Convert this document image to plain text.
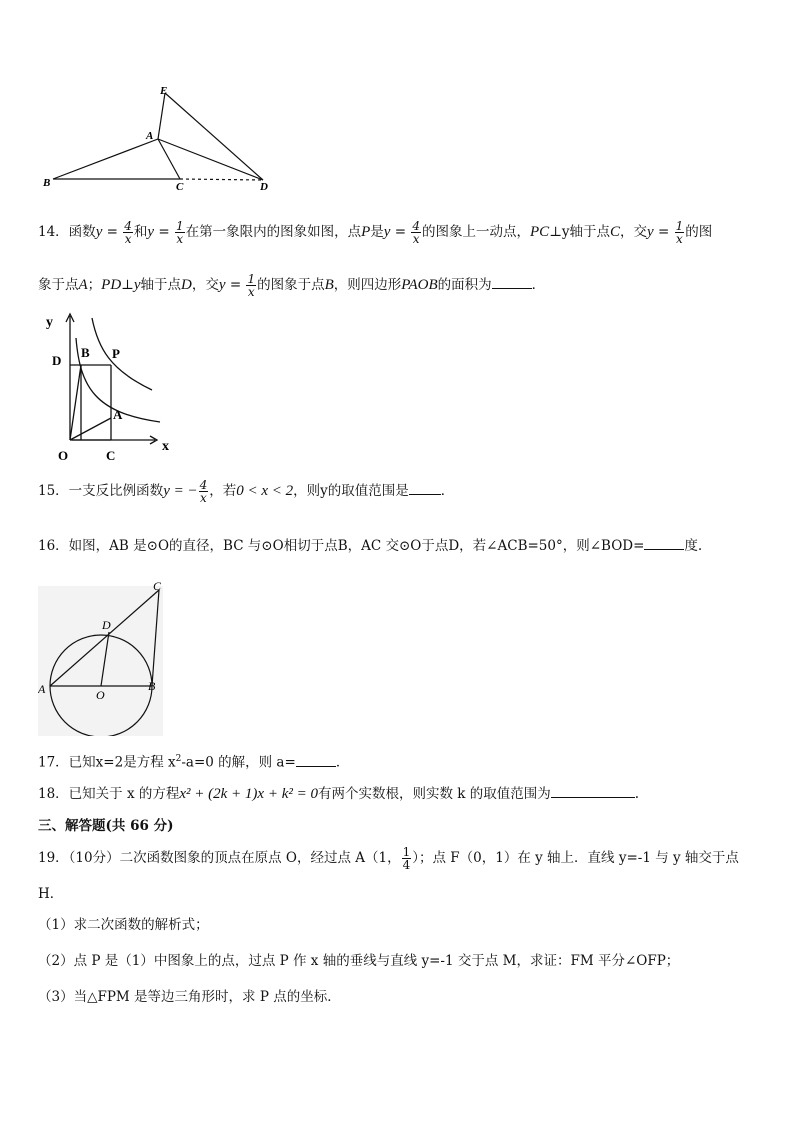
E
A
B	C	D
14．函数$y = \frac{4}{x}$ 和$y = \frac{1}{x}$ 在第一象限内的图象如图，点P是$y = \frac{4}{x}$ 的图象上一动点，PC⊥y轴于点C，交$y = \frac{1}{x}$ 的图
象于点A；PD⊥y轴于点D，交$y = \frac{1}{x}$ 的图象于点B，则四边形PAOB的面积为	．
y
x
D
B P
A
O	C
15．一支反比例函数y = − $\frac{4}{x}$ ，若0 < x < 2，则y的取值范围是 ．
16．如图，AB 是⊙O的直径，BC 与⊙O相切于点B，AC 交⊙O于点D，若∠ACB=50°，则∠BOD=	度.
C
D
A	O
B
17．已知x=2是方程 $x^2-a=0$ 的解，则 a=	．
18．已知关于 x 的方程x² + (2k + 1)x + k² = 0有两个实数根，则实数 k 的取值范围为	.
三、解答题(共 66 分)
19．（10分）二次函数图象的顶点在原点 O，经过点 A（1， $\frac{1}{4}$ ）；点 F（0，1）在 y 轴上．直线 y=-1 与 y 轴交于点
H．
（1）求二次函数的解析式；
（2）点 P 是（1）中图象上的点，过点 P 作 x 轴的垂线与直线 y=-1 交于点 M，求证：FM 平分∠OFP；
（3）当△FPM 是等边三角形时，求 P 点的坐标．
